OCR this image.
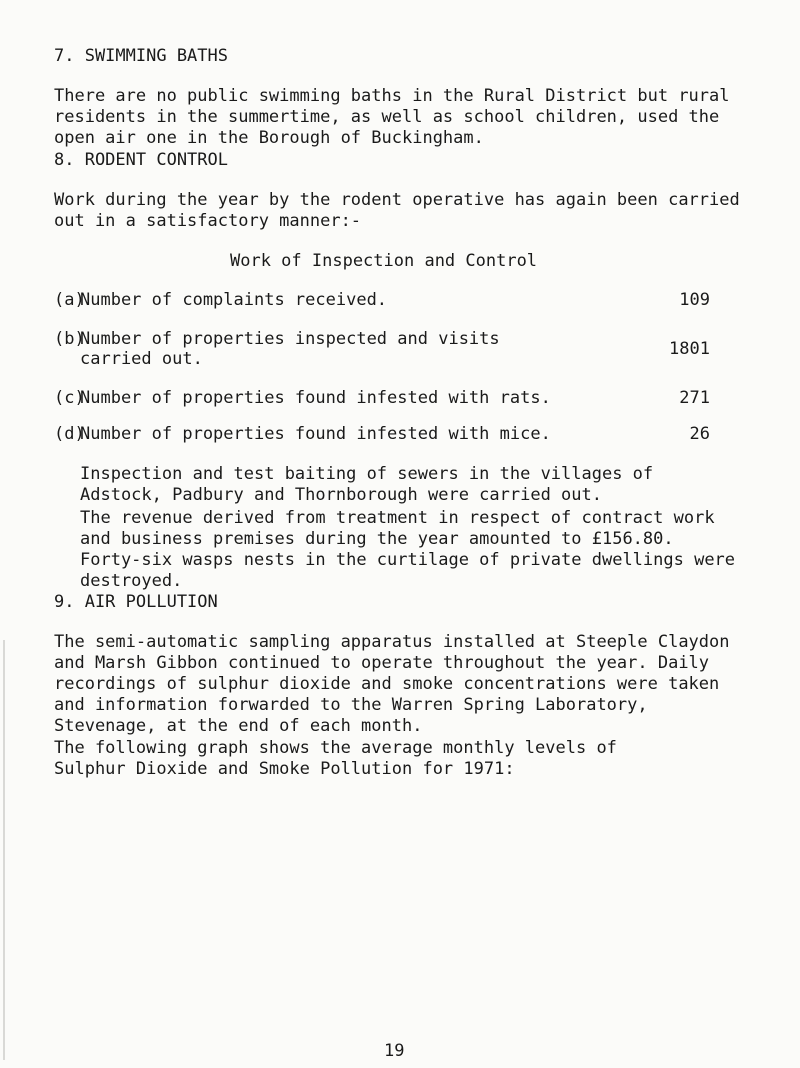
7. SWIMMING BATHS
There are no public swimming baths in the Rural District but rural residents in the summertime, as well as school children, used the open air one in the Borough of Buckingham.
8. RODENT CONTROL
Work during the year by the rodent operative has again been carried out in a satisfactory manner:-
Work of Inspection and Control
(a)
Number of complaints received.	109
(b)
Number of properties inspected and visits
carried out.	1801
(c)
Number of properties found infested with rats.	271
(d)
Number of properties found infested with mice.	26
Inspection and test baiting of sewers in the villages of Adstock, Padbury and Thornborough were carried out.
The revenue derived from treatment in respect of contract work and business premises during the year amounted to £156.80. Forty-six wasps nests in the curtilage of private dwellings were destroyed.
9. AIR POLLUTION
The semi-automatic sampling apparatus installed at Steeple Claydon and Marsh Gibbon continued to operate throughout the year. Daily recordings of sulphur dioxide and smoke concentrations were taken and information forwarded to the Warren Spring Laboratory, Stevenage, at the end of each month.
The following graph shows the average monthly levels of Sulphur Dioxide and Smoke Pollution for 1971:
19
